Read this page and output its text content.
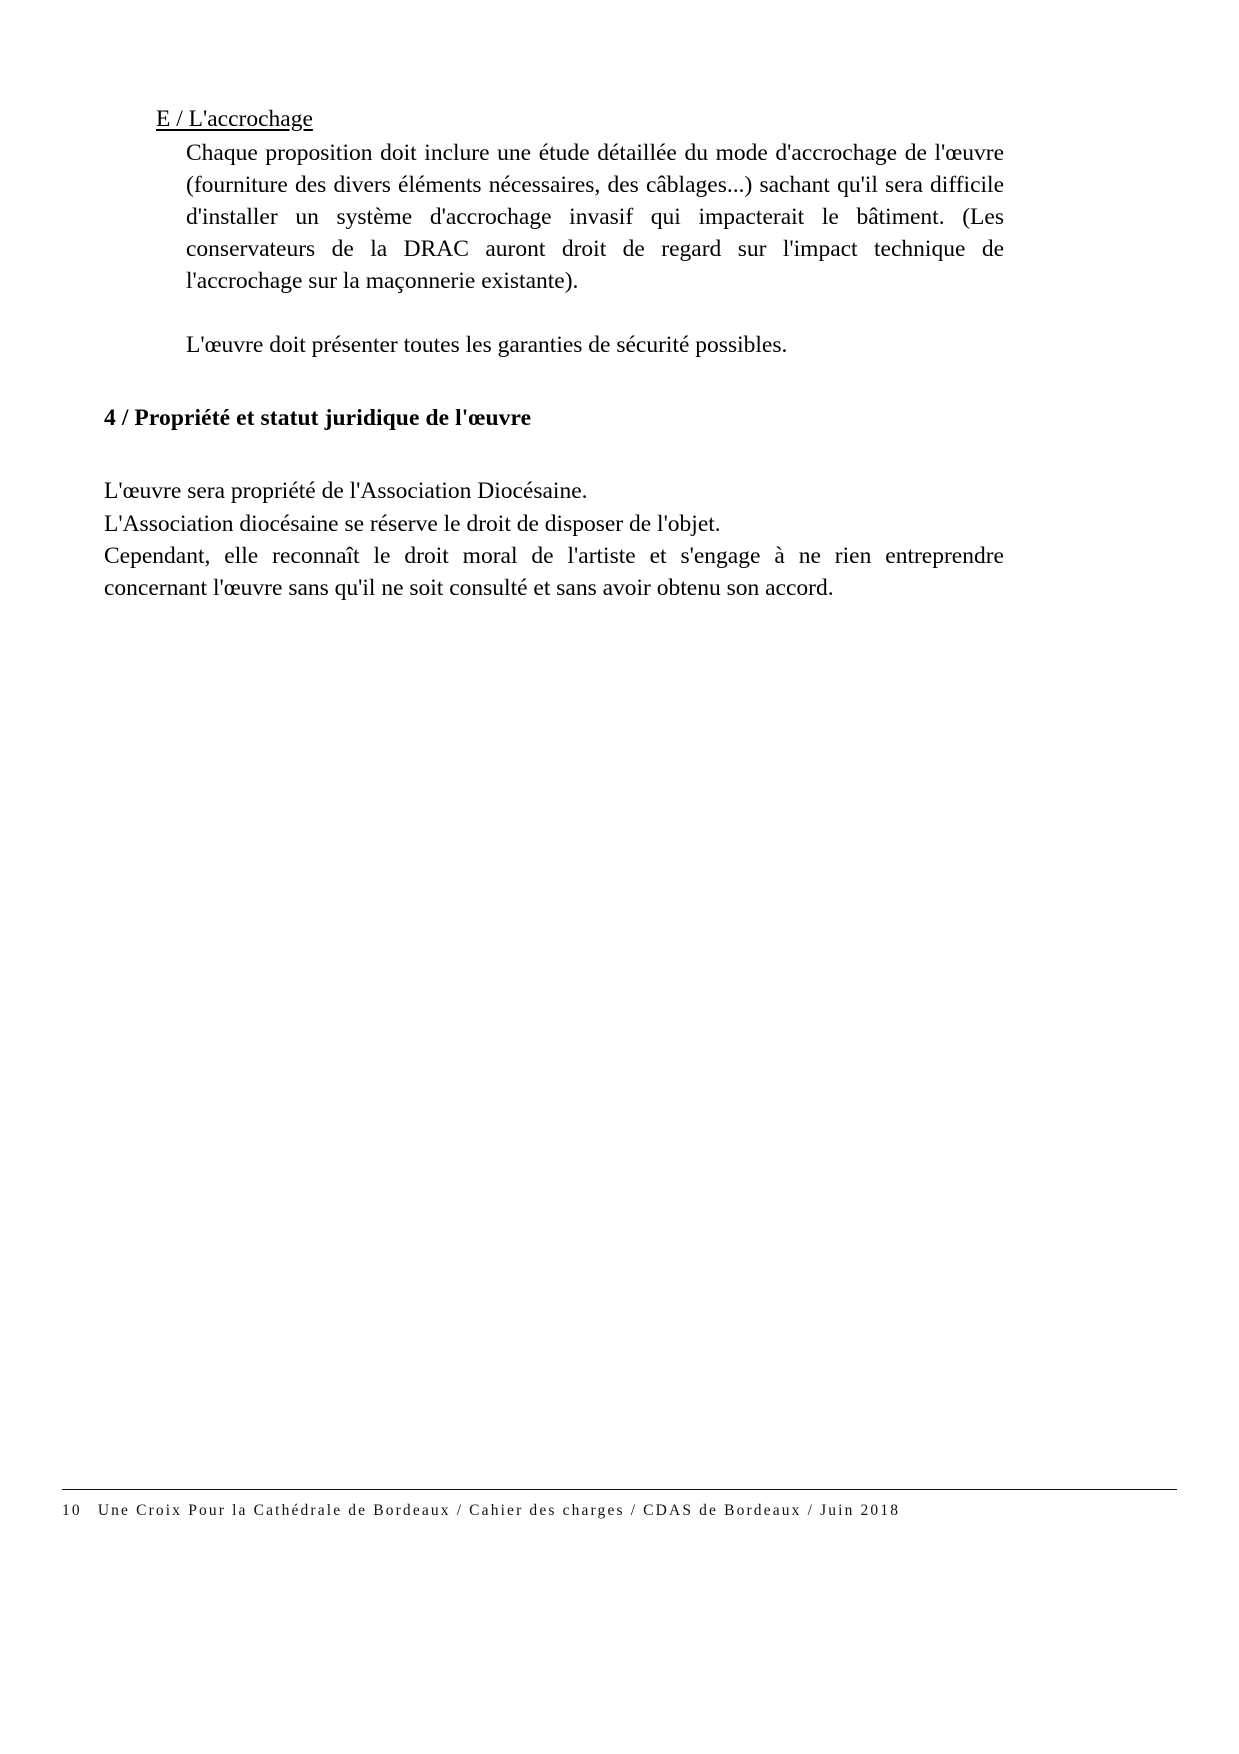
E / L'accrochage

Chaque proposition doit inclure une étude détaillée du mode d'accrochage de l'œuvre (fourniture des divers éléments nécessaires, des câblages...) sachant qu'il sera difficile d'installer un système d'accrochage invasif qui impacterait le bâtiment. (Les conservateurs de la DRAC auront droit de regard sur l'impact technique de l'accrochage sur la maçonnerie existante).

L'œuvre doit présenter toutes les garanties de sécurité possibles.

4 / Propriété et statut juridique de l'œuvre

L'œuvre sera propriété de l'Association Diocésaine.

L'Association diocésaine se réserve le droit de disposer de l'objet.

Cependant, elle reconnaît le droit moral de l'artiste et s'engage à ne rien entreprendre concernant l'œuvre sans qu'il ne soit consulté et sans avoir obtenu son accord.

10 Une Croix Pour la Cathédrale de Bordeaux / Cahier des charges / CDAS de Bordeaux / Juin 2018
